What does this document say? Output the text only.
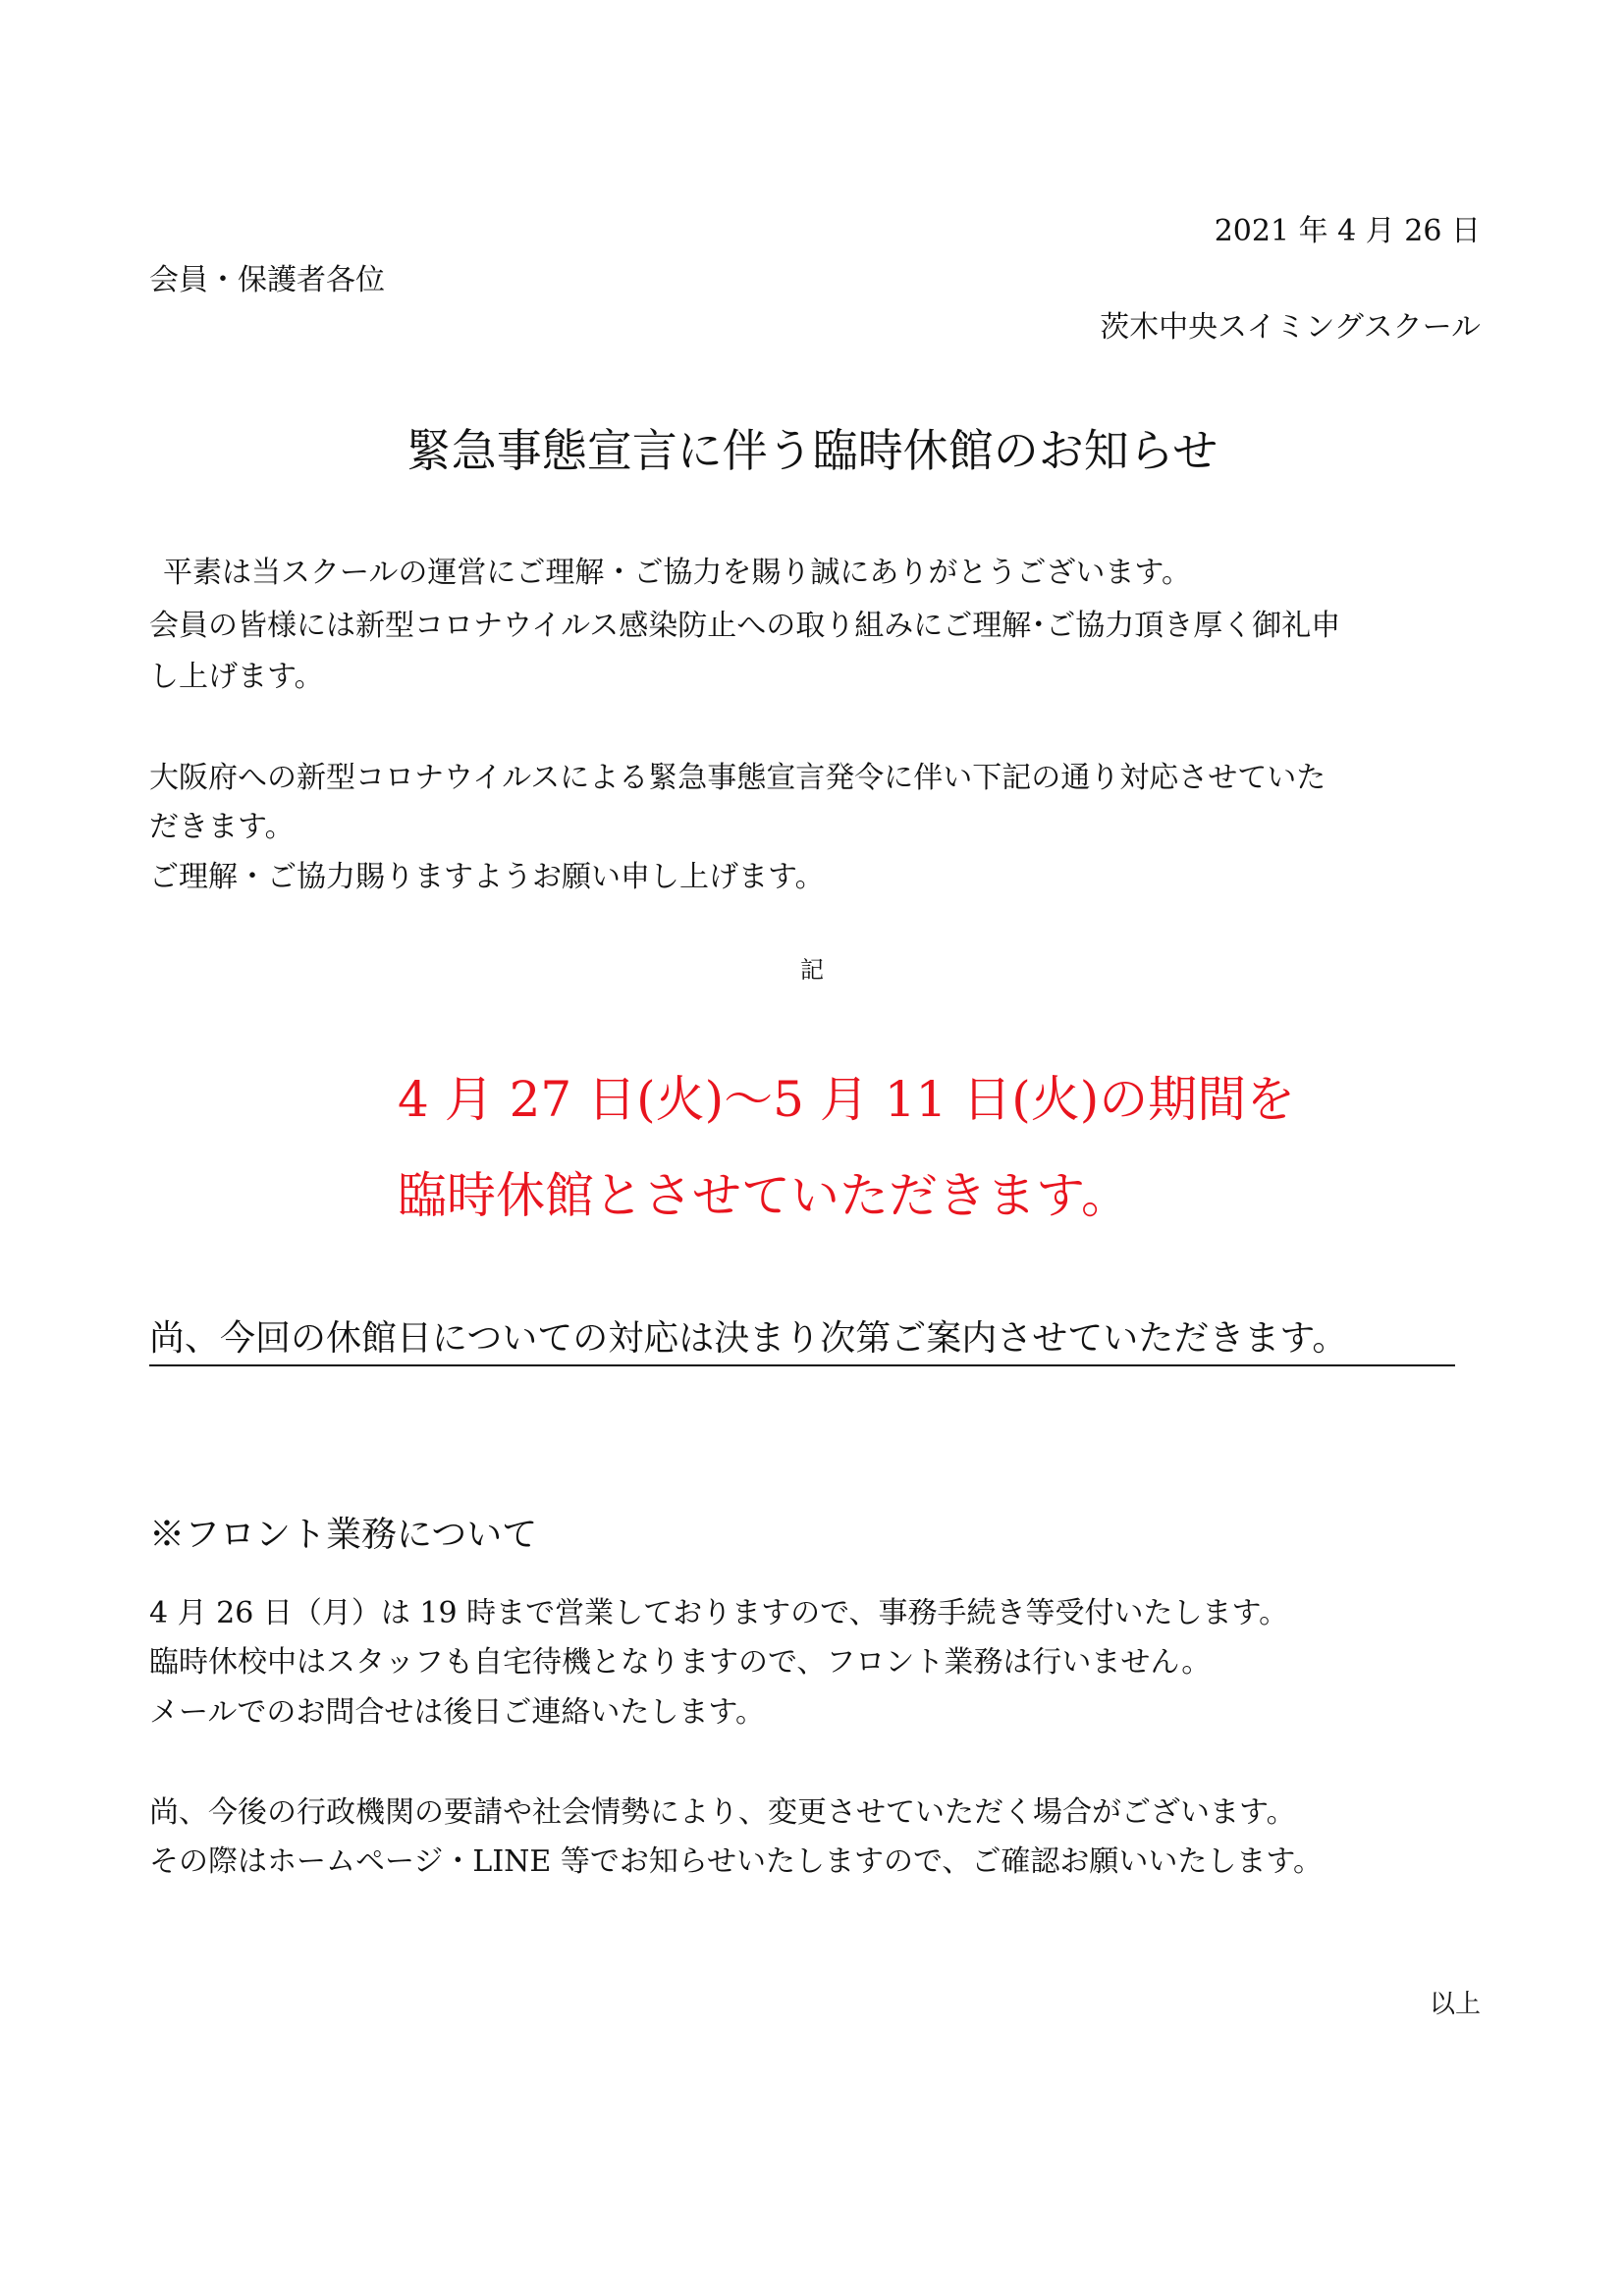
2021 年 4 月 26 日

会員・保護者各位

茨木中央スイミングスクール

緊急事態宣言に伴う臨時休館のお知らせ

平素は当スクールの運営にご理解・ご協力を賜り誠にありがとうございます。

会員の皆様には新型コロナウイルス感染防止への取り組みにご理解･ご協力頂き厚く御礼申

し上げます。

大阪府への新型コロナウイルスによる緊急事態宣言発令に伴い下記の通り対応させていた

だきます。

ご理解・ご協力賜りますようお願い申し上げます。

記

4 月 27 日(火)～5 月 11 日(火)の期間を

臨時休館とさせていただきます。

尚、今回の休館日についての対応は決まり次第ご案内させていただきます。

※フロント業務について

4 月 26 日（月）は 19 時まで営業しておりますので、事務手続き等受付いたします。

臨時休校中はスタッフも自宅待機となりますので、フロント業務は行いません。

メールでのお問合せは後日ご連絡いたします。

尚、今後の行政機関の要請や社会情勢により、変更させていただく場合がございます。

その際はホームページ・LINE 等でお知らせいたしますので、ご確認お願いいたします。

以上
